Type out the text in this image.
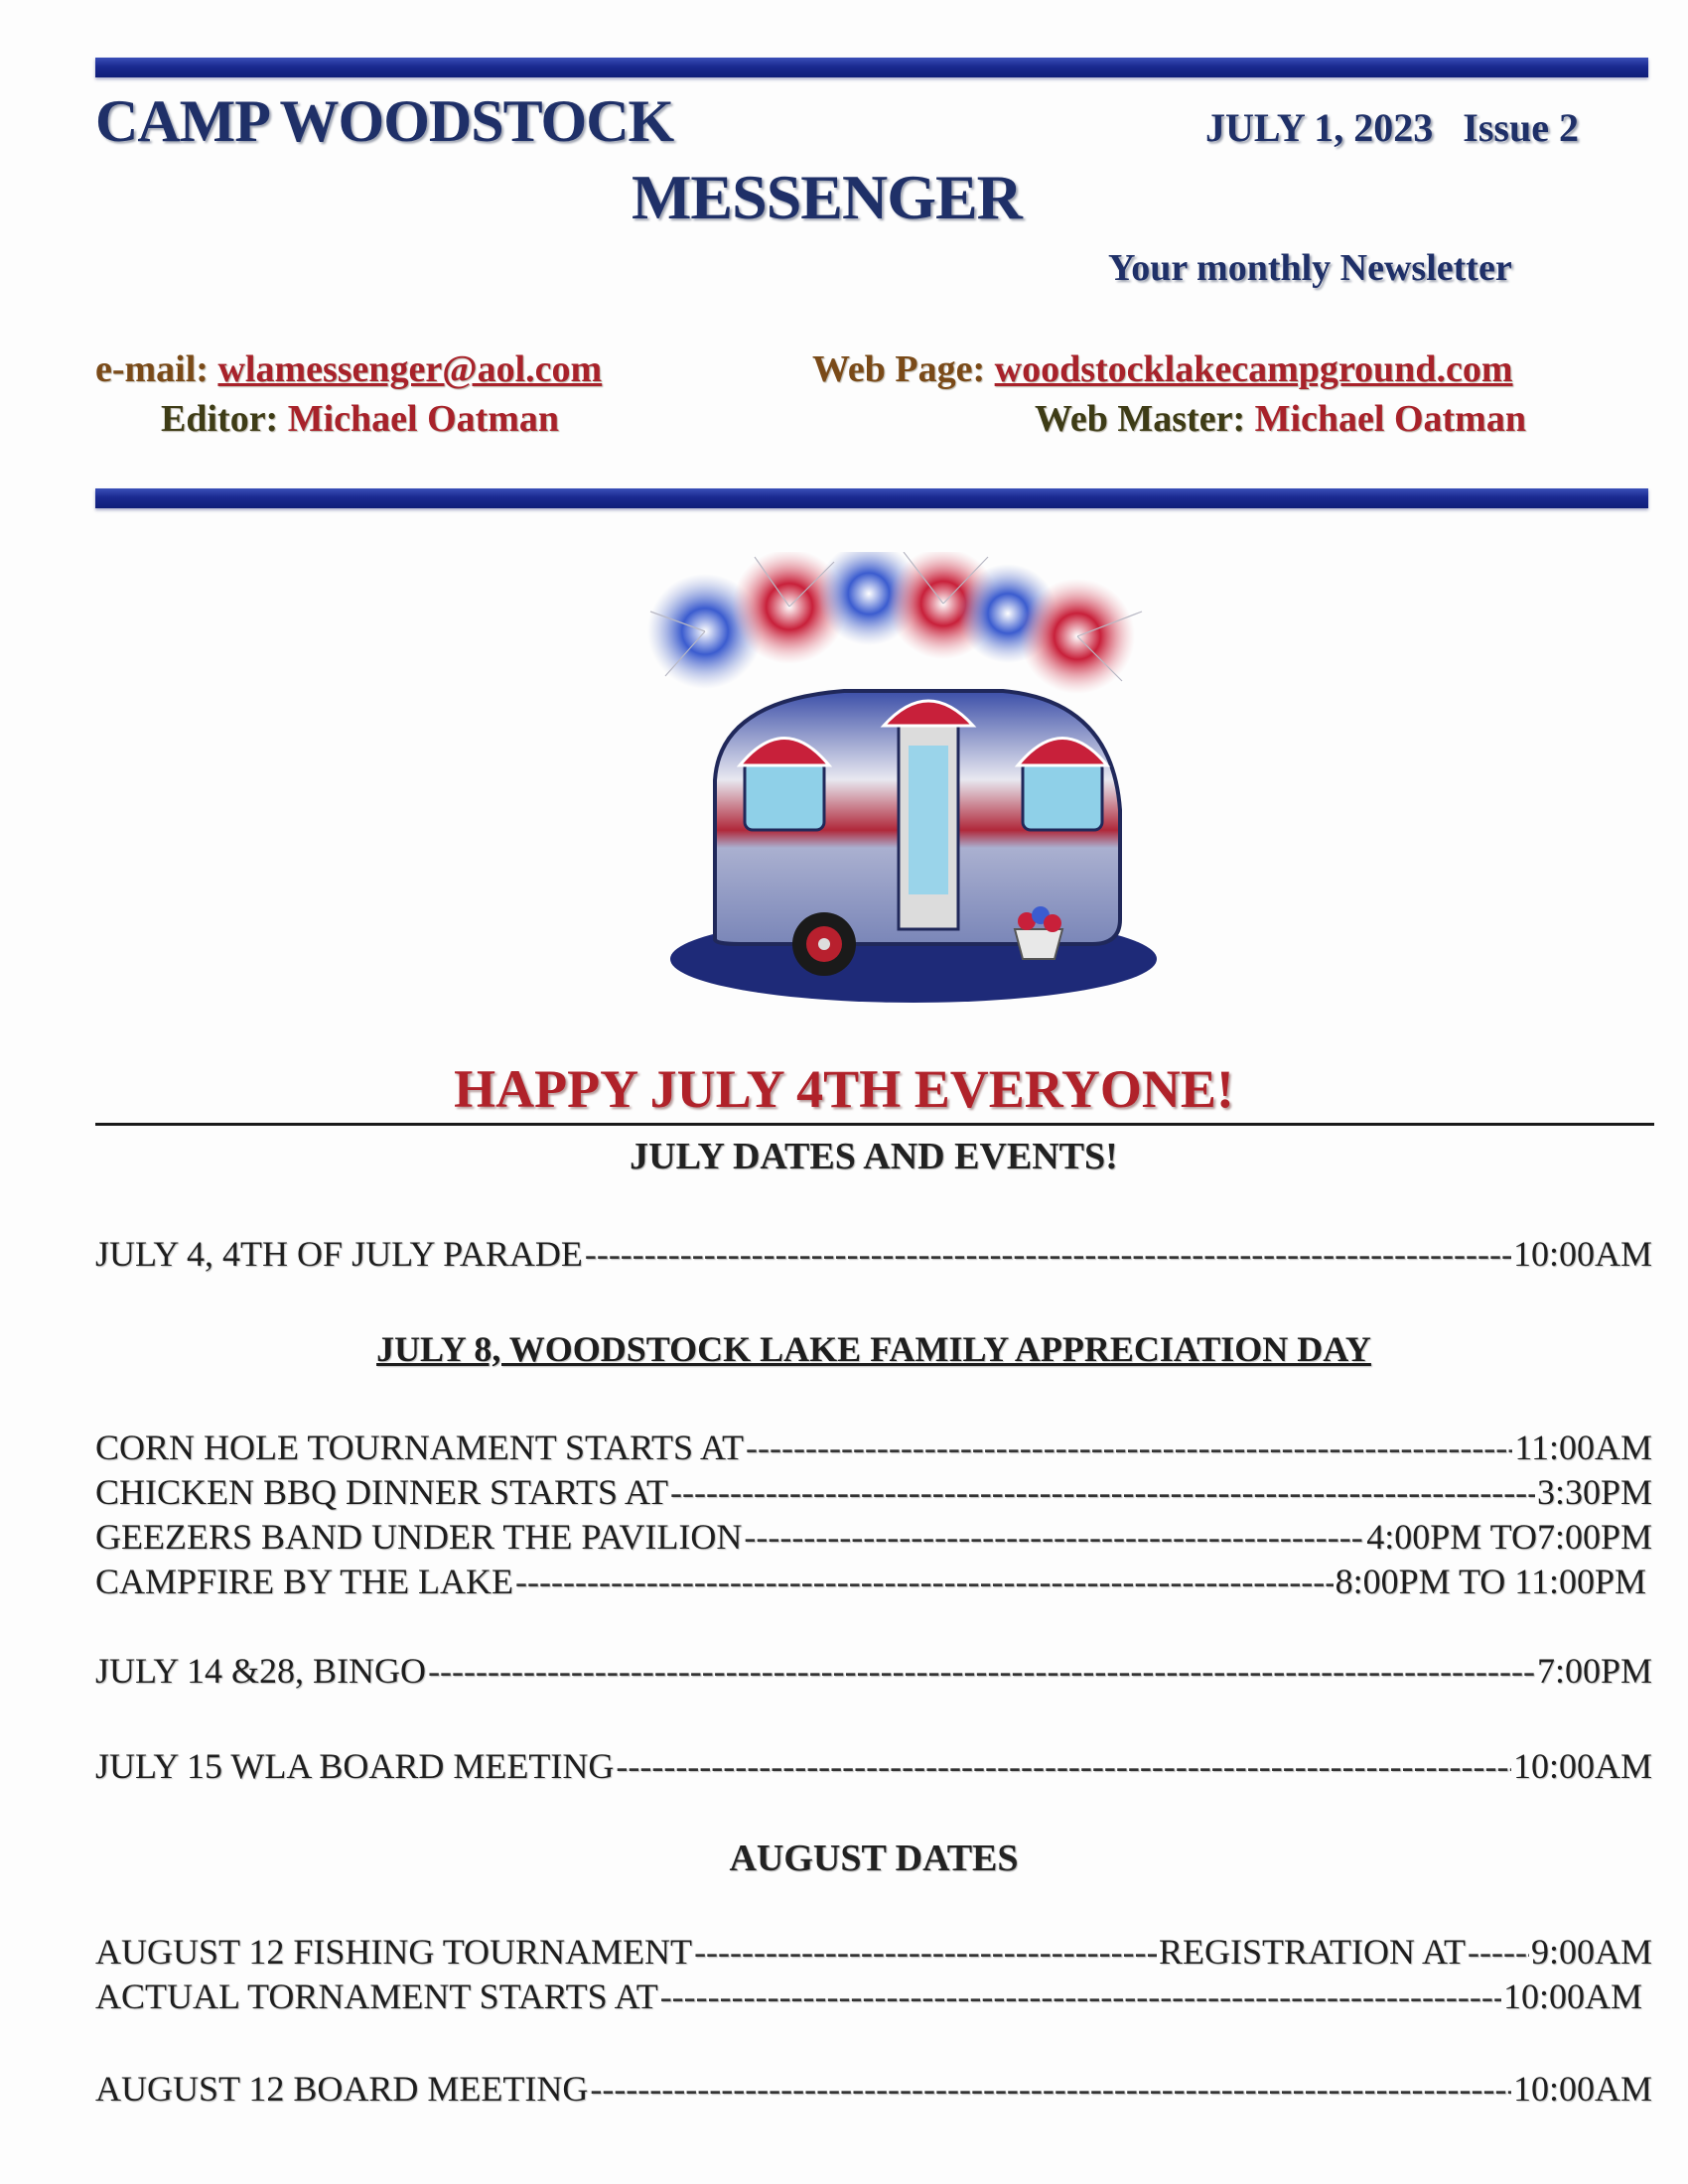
CAMP WOODSTOCK
MESSENGER
JULY 1, 2023 Issue 2
Your monthly Newsletter
e-mail: wlamessenger@aol.com
Editor: Michael Oatman
Web Page: woodstocklakecampground.com
Web Master: Michael Oatman
HAPPY JULY 4TH EVERYONE!
JULY DATES AND EVENTS!
JULY 4, 4TH OF JULY PARADE -----	10:00AM
JULY 8, WOODSTOCK LAKE FAMILY APPRECIATION DAY
CORN HOLE TOURNAMENT STARTS AT -----	11:00AM
CHICKEN BBQ DINNER STARTS AT -----	3:30PM
GEEZERS BAND UNDER THE PAVILION -----	4:00PM TO7:00PM
CAMPFIRE BY THE LAKE -----	8:00PM TO 11:00PM
JULY 14 &28, BINGO -----	7:00PM
JULY 15 WLA BOARD MEETING -----	10:00AM
AUGUST DATES
AUGUST 12 FISHING TOURNAMENT -----	REGISTRATION AT ----- 9:00AM
ACTUAL TORNAMENT STARTS AT -----	10:00AM
AUGUST 12 BOARD MEETING -----	10:00AM
